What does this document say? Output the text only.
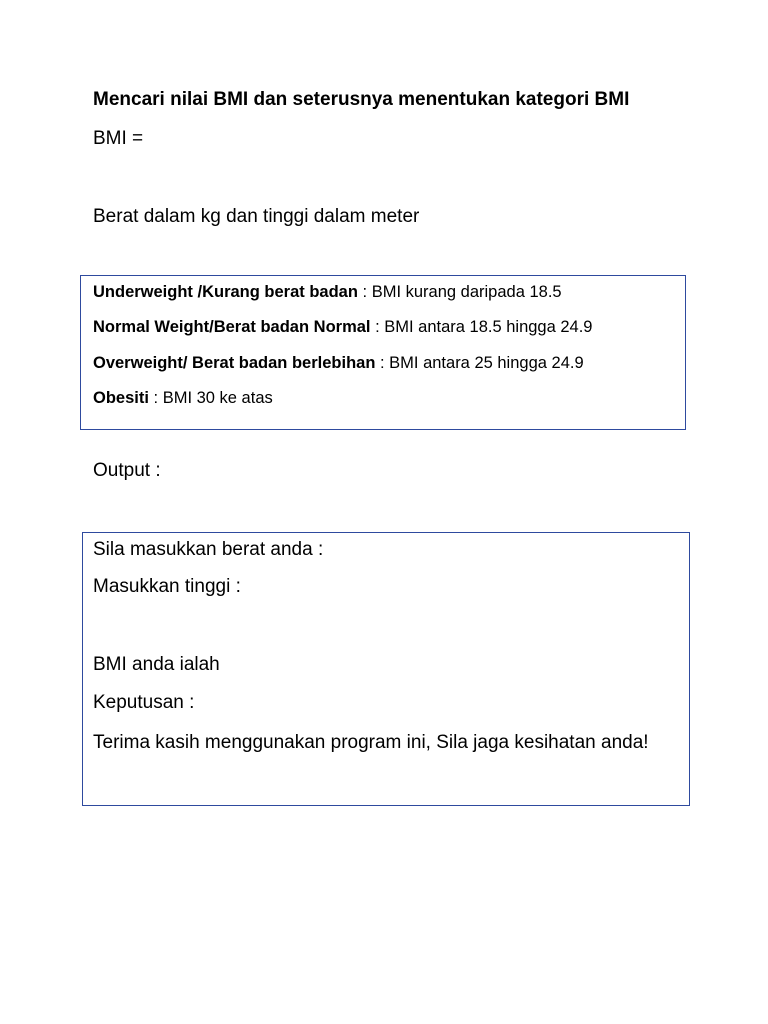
Mencari nilai BMI dan seterusnya menentukan kategori BMI
BMI =
Berat dalam kg dan tinggi dalam meter
Underweight /Kurang berat badan : BMI kurang daripada 18.5
Normal Weight/Berat badan Normal : BMI antara 18.5 hingga 24.9
Overweight/ Berat badan berlebihan : BMI antara 25 hingga 24.9
Obesiti : BMI 30 ke atas
Output :
Sila masukkan berat anda :
Masukkan tinggi :
BMI anda ialah
Keputusan :
Terima kasih menggunakan program ini, Sila jaga kesihatan anda!
